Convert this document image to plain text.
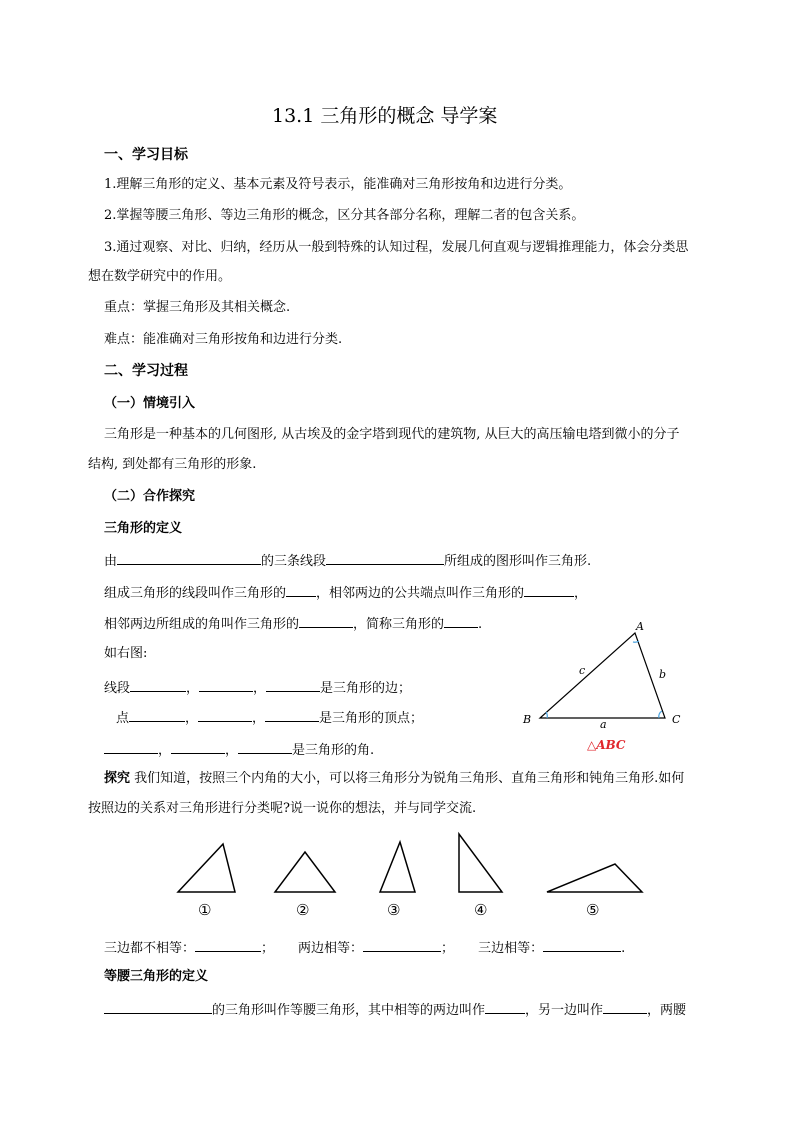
13.1 三角形的概念 导学案
一、学习目标
1.理解三角形的定义、基本元素及符号表示，能准确对三角形按角和边进行分类。
2.掌握等腰三角形、等边三角形的概念，区分其各部分名称，理解二者的包含关系。
3.通过观察、对比、归纳，经历从一般到特殊的认知过程，发展几何直观与逻辑推理能力，体会分类思
想在数学研究中的作用。
重点：掌握三角形及其相关概念.
难点：能准确对三角形按角和边进行分类.
二、学习过程
（一）情境引入
三角形是一种基本的几何图形, 从古埃及的金字塔到现代的建筑物, 从巨大的高压输电塔到微小的分子
结构, 到处都有三角形的形象.
（二）合作探究
三角形的定义
由	的三条线段	所组成的图形叫作三角形.
组成三角形的线段叫作三角形的 ，相邻两边的公共端点叫作三角形的	，
相邻两边所组成的角叫作三角形的	，简称三角形的	.
如右图:
线段	，	，	是三角形的边；
点	，	，	是三角形的顶点；
，	，	是三角形的角.
A
B	C
a
b
c
△ABC
探究 我们知道，按照三个内角的大小，可以将三角形分为锐角三角形、直角三角形和钝角三角形.如何
按照边的关系对三角形进行分类呢?说一说你的想法，并与同学交流.
①	②	③	④	⑤
三边都不相等：	； 两边相等：	； 三边相等：	.
等腰三角形的定义
的三角形叫作等腰三角形，其中相等的两边叫作	，另一边叫作	，两腰
